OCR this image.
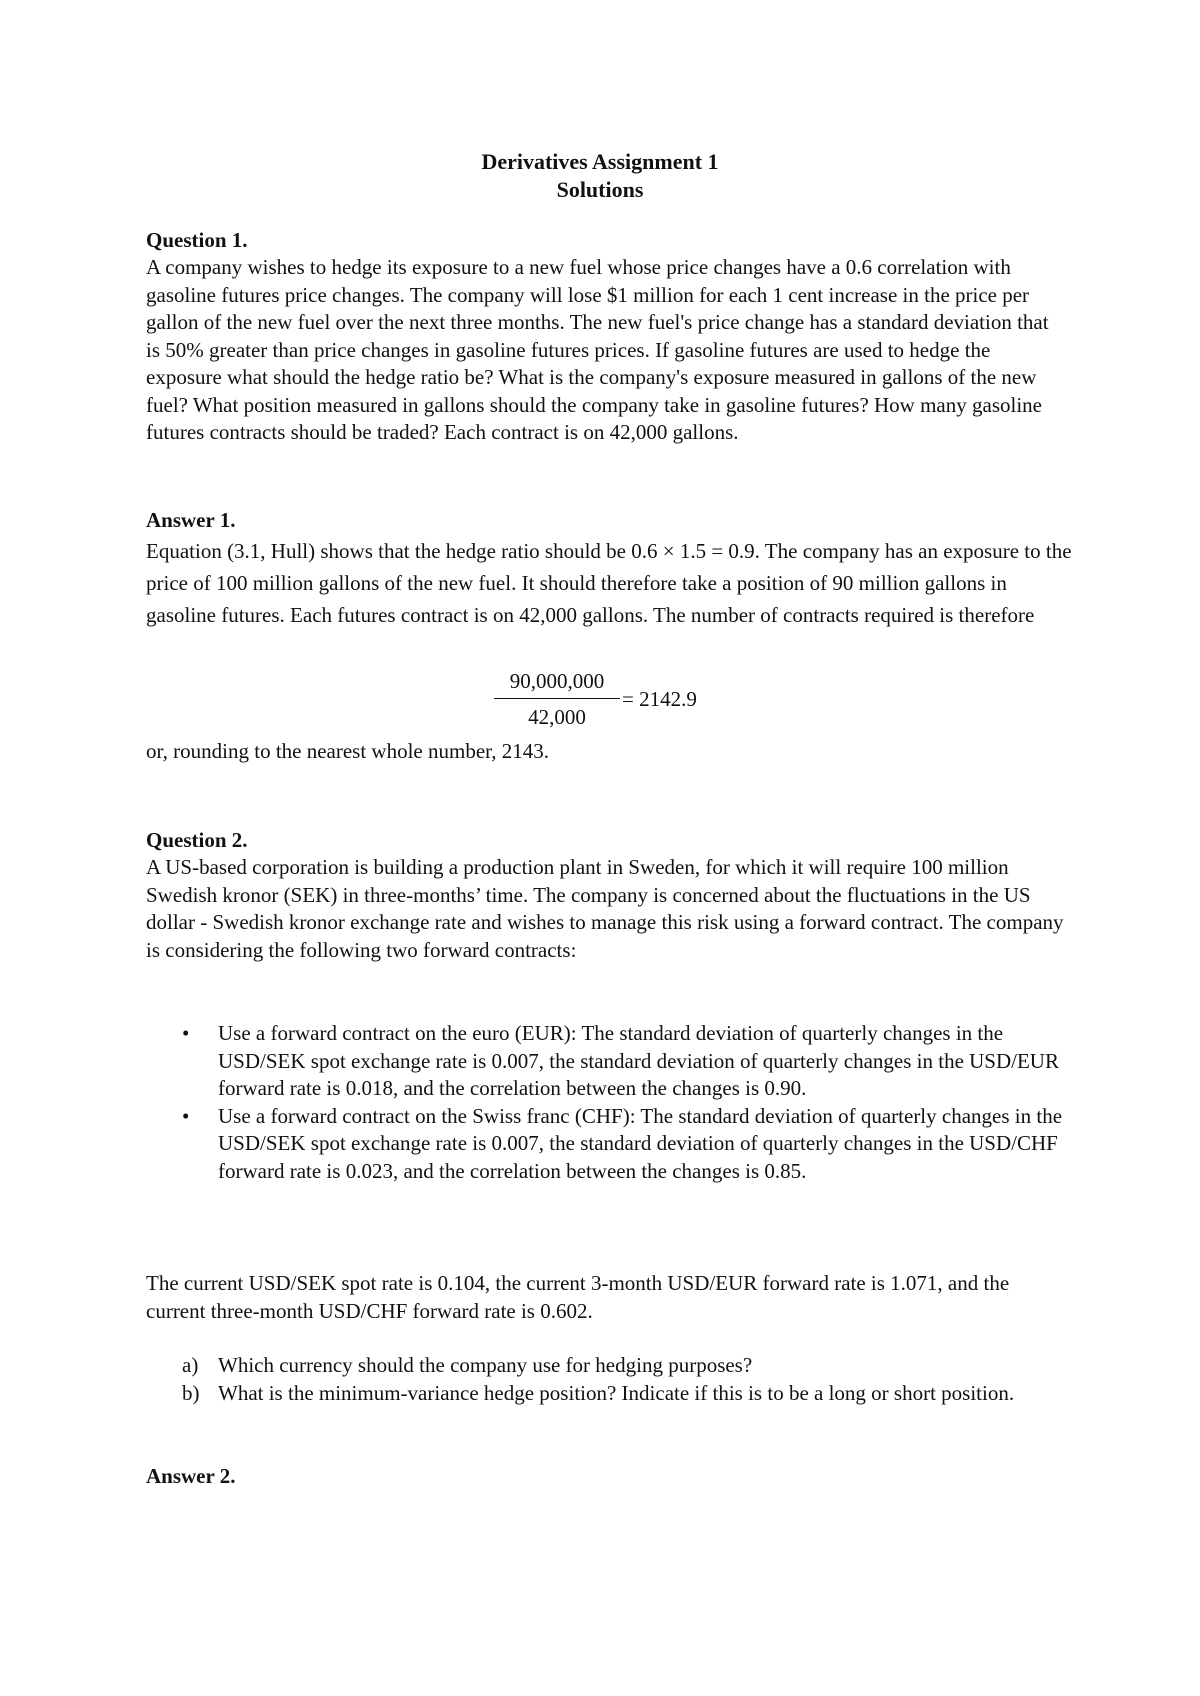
Derivatives Assignment 1
Solutions
Question 1.
A company wishes to hedge its exposure to a new fuel whose price changes have a 0.6 correlation with gasoline futures price changes. The company will lose $1 million for each 1 cent increase in the price per gallon of the new fuel over the next three months. The new fuel's price change has a standard deviation that is 50% greater than price changes in gasoline futures prices. If gasoline futures are used to hedge the exposure what should the hedge ratio be? What is the company's exposure measured in gallons of the new fuel? What position measured in gallons should the company take in gasoline futures? How many gasoline futures contracts should be traded? Each contract is on 42,000 gallons.
Answer 1.
Equation (3.1, Hull) shows that the hedge ratio should be 0.6 × 1.5 = 0.9. The company has an exposure to the price of 100 million gallons of the new fuel. It should therefore take a position of 90 million gallons in gasoline futures. Each futures contract is on 42,000 gallons. The number of contracts required is therefore
90,000,000
42,000
= 2142.9
or, rounding to the nearest whole number, 2143.
Question 2.
A US-based corporation is building a production plant in Sweden, for which it will require 100 million Swedish kronor (SEK) in three-months’ time. The company is concerned about the fluctuations in the US dollar - Swedish kronor exchange rate and wishes to manage this risk using a forward contract. The company is considering the following two forward contracts:
• Use a forward contract on the euro (EUR): The standard deviation of quarterly changes in the USD/SEK spot exchange rate is 0.007, the standard deviation of quarterly changes in the USD/EUR forward rate is 0.018, and the correlation between the changes is 0.90.
• Use a forward contract on the Swiss franc (CHF): The standard deviation of quarterly changes in the USD/SEK spot exchange rate is 0.007, the standard deviation of quarterly changes in the USD/CHF forward rate is 0.023, and the correlation between the changes is 0.85.
The current USD/SEK spot rate is 0.104, the current 3-month USD/EUR forward rate is 1.071, and the current three-month USD/CHF forward rate is 0.602.
a) Which currency should the company use for hedging purposes?
b) What is the minimum-variance hedge position? Indicate if this is to be a long or short position.
Answer 2.
